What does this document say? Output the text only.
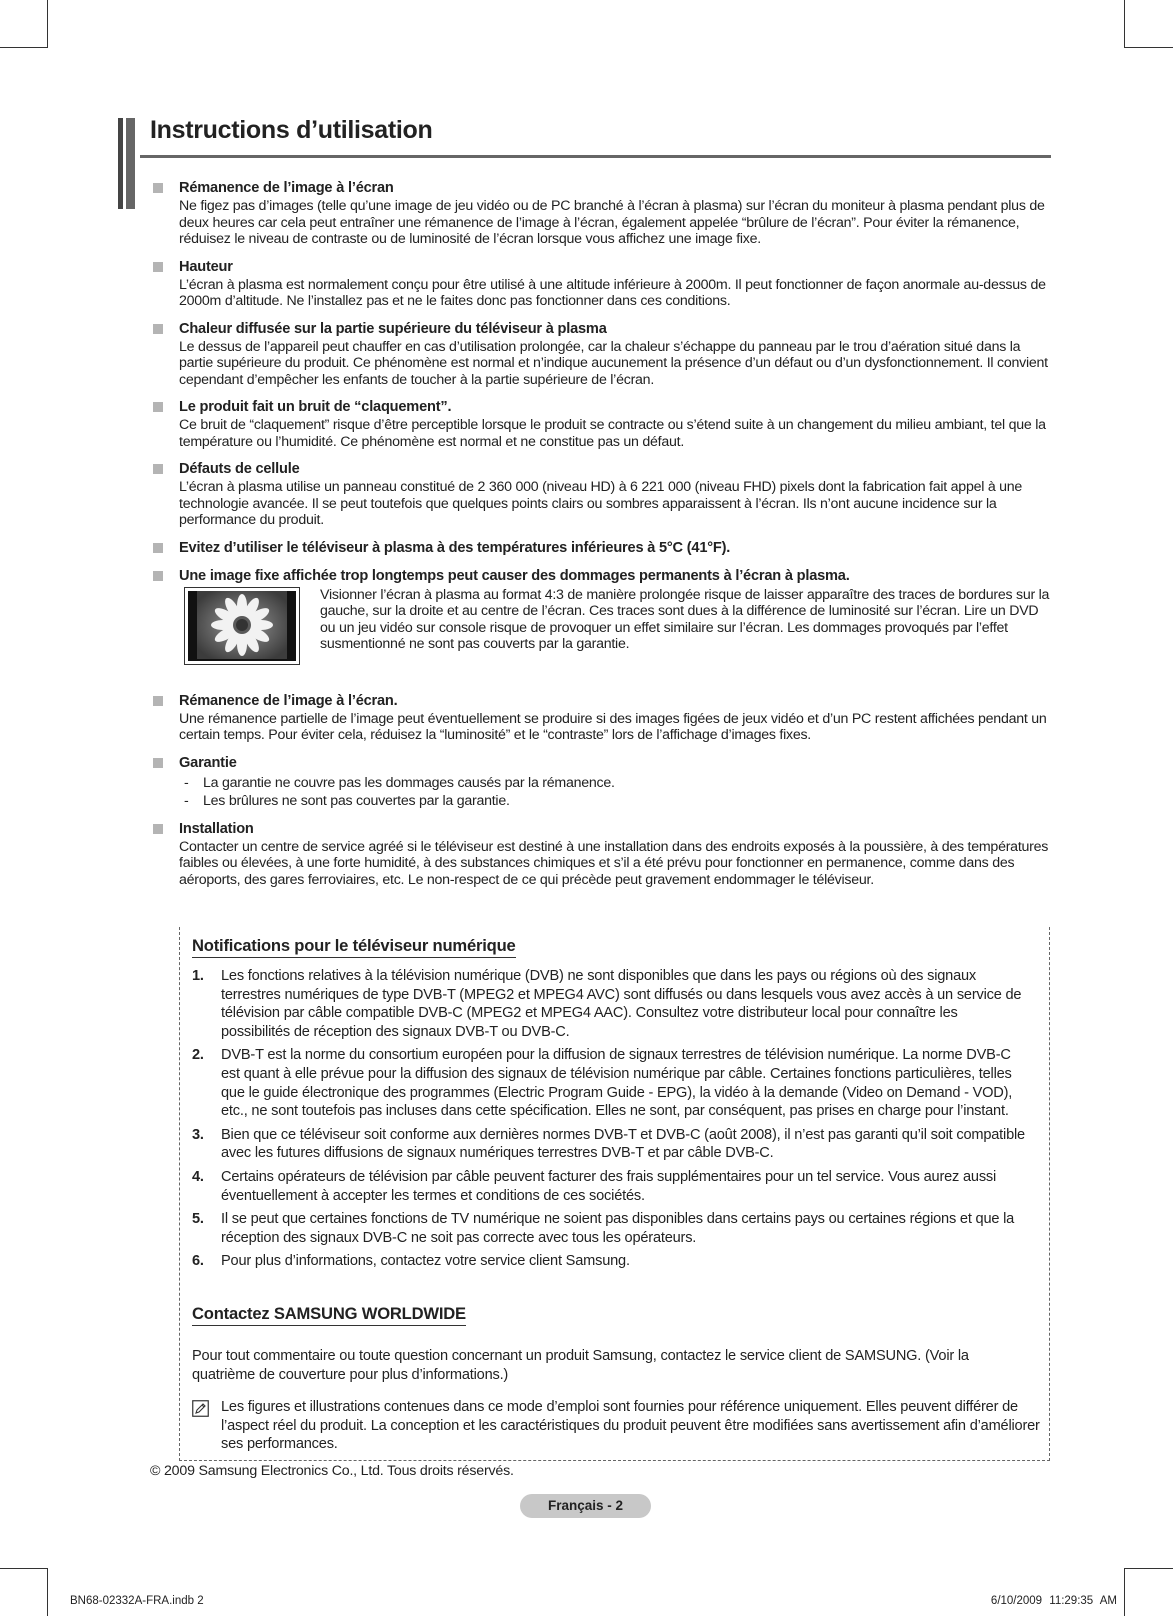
Instructions d’utilisation
Rémanence de l’image à l’écran

Ne figez pas d’images (telle qu’une image de jeu vidéo ou de PC branché à l’écran à plasma) sur l’écran du moniteur à plasma pendant plus de deux heures car cela peut entraîner une rémanence de l’image à l’écran, également appelée “brûlure de l’écran”. Pour éviter la rémanence, réduisez le niveau de contraste ou de luminosité de l’écran lorsque vous affichez une image fixe.

Hauteur

L’écran à plasma est normalement conçu pour être utilisé à une altitude inférieure à 2000m. Il peut fonctionner de façon anormale au-dessus de 2000m d’altitude. Ne l’installez pas et ne le faites donc pas fonctionner dans ces conditions.

Chaleur diffusée sur la partie supérieure du téléviseur à plasma

Le dessus de l’appareil peut chauffer en cas d’utilisation prolongée, car la chaleur s’échappe du panneau par le trou d’aération situé dans la partie supérieure du produit. Ce phénomène est normal et n’indique aucunement la présence d’un défaut ou d’un dysfonctionnement. Il convient cependant d’empêcher les enfants de toucher à la partie supérieure de l’écran.

Le produit fait un bruit de “claquement”.

Ce bruit de “claquement” risque d’être perceptible lorsque le produit se contracte ou s’étend suite à un changement du milieu ambiant, tel que la température ou l’humidité. Ce phénomène est normal et ne constitue pas un défaut.

Défauts de cellule

L’écran à plasma utilise un panneau constitué de 2 360 000 (niveau HD) à 6 221 000 (niveau FHD) pixels dont la fabrication fait appel à une technologie avancée. Il se peut toutefois que quelques points clairs ou sombres apparaissent à l’écran. Ils n’ont aucune incidence sur la performance du produit.

Evitez d’utiliser le téléviseur à plasma à des températures inférieures à 5°C (41°F).
Une image fixe affichée trop longtemps peut causer des dommages permanents à l’écran à plasma.

Visionner l’écran à plasma au format 4:3 de manière prolongée risque de laisser apparaître des traces de bordures sur la gauche, sur la droite et au centre de l’écran. Ces traces sont dues à la différence de luminosité sur l’écran. Lire un DVD ou un jeu vidéo sur console risque de provoquer un effet similaire sur l’écran. Les dommages provoqués par l’effet susmentionné ne sont pas couverts par la garantie.

Rémanence de l’image à l’écran.

Une rémanence partielle de l’image peut éventuellement se produire si des images figées de jeux vidéo et d’un PC restent affichées pendant un certain temps. Pour éviter cela, réduisez la “luminosité” et le “contraste” lors de l’affichage d’images fixes.

Garantie
- La garantie ne couvre pas les dommages causés par la rémanence.
- Les brûlures ne sont pas couvertes par la garantie.
Installation

Contacter un centre de service agréé si le téléviseur est destiné à une installation dans des endroits exposés à la poussière, à des températures faibles ou élevées, à une forte humidité, à des substances chimiques et s’il a été prévu pour fonctionner en permanence, comme dans des aéroports, des gares ferroviaires, etc. Le non-respect de ce qui précède peut gravement endommager le téléviseur.

Notifications pour le téléviseur numérique
1. Les fonctions relatives à la télévision numérique (DVB) ne sont disponibles que dans les pays ou régions où des signaux terrestres numériques de type DVB-T (MPEG2 et MPEG4 AVC) sont diffusés ou dans lesquels vous avez accès à un service de télévision par câble compatible DVB-C (MPEG2 et MPEG4 AAC). Consultez votre distributeur local pour connaître les possibilités de réception des signaux DVB-T ou DVB-C.
2. DVB-T est la norme du consortium européen pour la diffusion de signaux terrestres de télévision numérique. La norme DVB-C est quant à elle prévue pour la diffusion des signaux de télévision numérique par câble. Certaines fonctions particulières, telles que le guide électronique des programmes (Electric Program Guide - EPG), la vidéo à la demande (Video on Demand - VOD), etc., ne sont toutefois pas incluses dans cette spécification. Elles ne sont, par conséquent, pas prises en charge pour l’instant.
3. Bien que ce téléviseur soit conforme aux dernières normes DVB-T et DVB-C (août 2008), il n’est pas garanti qu’il soit compatible avec les futures diffusions de signaux numériques terrestres DVB-T et par câble DVB-C.
4. Certains opérateurs de télévision par câble peuvent facturer des frais supplémentaires pour un tel service. Vous aurez aussi éventuellement à accepter les termes et conditions de ces sociétés.
5. Il se peut que certaines fonctions de TV numérique ne soient pas disponibles dans certains pays ou certaines régions et que la réception des signaux DVB-C ne soit pas correcte avec tous les opérateurs.
6. Pour plus d’informations, contactez votre service client Samsung.
Contactez SAMSUNG WORLDWIDE

Pour tout commentaire ou toute question concernant un produit Samsung, contactez le service client de SAMSUNG. (Voir la quatrième de couverture pour plus d’informations.)

Les figures et illustrations contenues dans ce mode d’emploi sont fournies pour référence uniquement. Elles peuvent différer de l’aspect réel du produit. La conception et les caractéristiques du produit peuvent être modifiées sans avertissement afin d’améliorer ses performances.
© 2009 Samsung Electronics Co., Ltd. Tous droits réservés.
Français - 2
BN68-02332A-FRA.indb 2	6/10/2009 11:29:35 AM
